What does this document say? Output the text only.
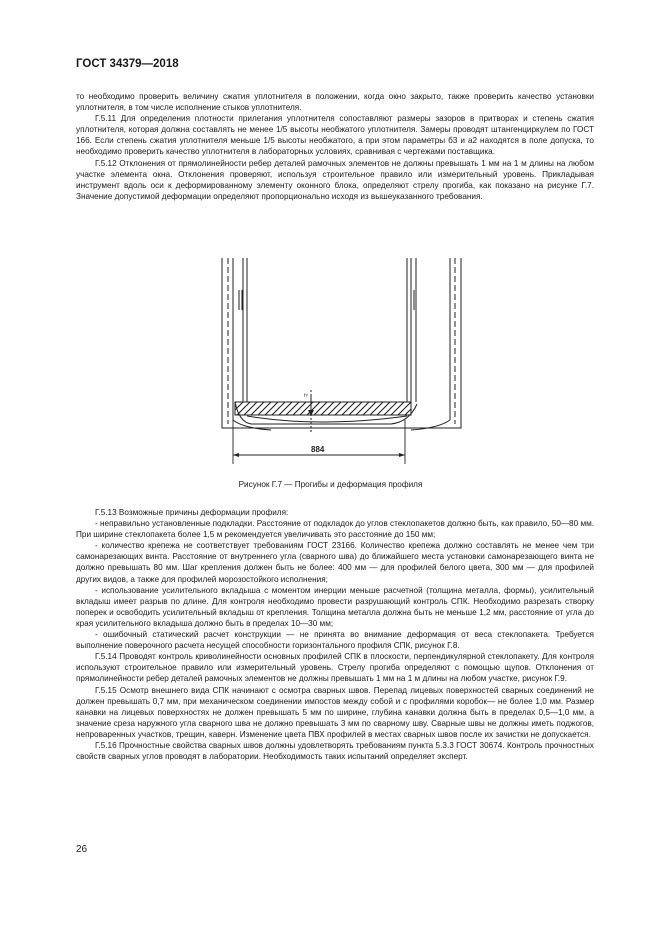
ГОСТ 34379—2018

то необходимо проверить величину сжатия уплотнителя в положении, когда окно закрыто, также проверить качество установки уплотнителя, в том числе исполнение стыков уплотнителя.

Г.5.11 Для определения плотности прилегания уплотнителя сопоставляют размеры зазоров в притворах и степень сжатия уплотнителя, которая должна составлять не менее 1/5 высоты необжатого уплотнителя. Замеры проводят штангенциркулем по ГОСТ 166. Если степень сжатия уплотнителя меньше 1/5 высоты необжатого, а при этом параметры б3 и а2 находятся в поле допуска, то необходимо проверить качество уплотнителя в лабораторных условиях, сравнивая с чертежами поставщика.

Г.5.12 Отклонения от прямолинейности ребер деталей рамочных элементов не должны превышать 1 мм на 1 м длины на любом участке элемента окна. Отклонения проверяют, используя строительное правило или измерительный уровень. Прикладывая инструмент вдоль оси к деформированному элементу оконного блока, определяют стрелу прогиба, как показано на рисунке Г.7. Значение допустимой деформации определяют пропорционально исходя из вышеуказанного требования.

f?
884
Рисунок Г.7 — Прогибы и деформация профиля

Г.5.13 Возможные причины деформации профиля:

- неправильно установленные подкладки. Расстояние от подкладок до углов стеклопакетов должно быть, как правило, 50—80 мм. При ширине стеклопакета более 1,5 м рекомендуется увеличивать это расстояние до 150 мм;

- количество крепежа не соответствует требованиям ГОСТ 23166. Количество крепежа должно составлять не менее чем три самонарезающих винта. Расстояние от внутреннего угла (сварного шва) до ближайшего места установки самонарезающего винта не должно превышать 80 мм. Шаг крепления должен быть не более: 400 мм — для профилей белого цвета, 300 мм — для профилей других видов, а также для профилей морозостойкого исполнения;

- использование усилительного вкладыша с моментом инерции меньше расчетной (толщина металла, формы), усилительный вкладыш имеет разрыв по длине. Для контроля необходимо провести разрушающий контроль СПК. Необходимо разрезать створку поперек и освободить усилительный вкладыш от крепления. Толщина металла должна быть не меньше 1,2 мм, расстояние от угла до края усилительного вкладыша должно быть в пределах 10—30 мм;

- ошибочный статический расчет конструкции — не принята во внимание деформация от веса стеклопакета. Требуется выполнение поверочного расчета несущей способности горизонтального профиля СПК, рисунок Г.8.

Г.5.14 Проводят контроль криволинейности основных профилей СПК в плоскости, перпендикулярной стеклопакету. Для контроля используют строительное правило или измерительный уровень. Стрелу прогиба определяют с помощью щупов. Отклонения от прямолинейности ребер деталей рамочных элементов не должны превышать 1 мм на 1 м длины на любом участке, рисунок Г.9.

Г.5.15 Осмотр внешнего вида СПК начинают с осмотра сварных швов. Перепад лицевых поверхностей сварных соединений не должен превышать 0,7 мм, при механическом соединении импостов между собой и с профилями коробок— не более 1,0 мм. Размер канавки на лицевых поверхностях не должен превышать 5 мм по ширине, глубина канавки должна быть в пределах 0,5—1,0 мм, а значение среза наружного угла сварного шва не должно превышать 3 мм по сварному шву. Сварные швы не должны иметь поджогов, непроваренных участков, трещин, каверн. Изменение цвета ПВХ профилей в местах сварных швов после их зачистки не допускается.

Г.5.16 Прочностные свойства сварных швов должны удовлетворять требованиям пункта 5.3.3 ГОСТ 30674. Контроль прочностных свойств сварных углов проводят в лаборатории. Необходимость таких испытаний определяет эксперт.

26
